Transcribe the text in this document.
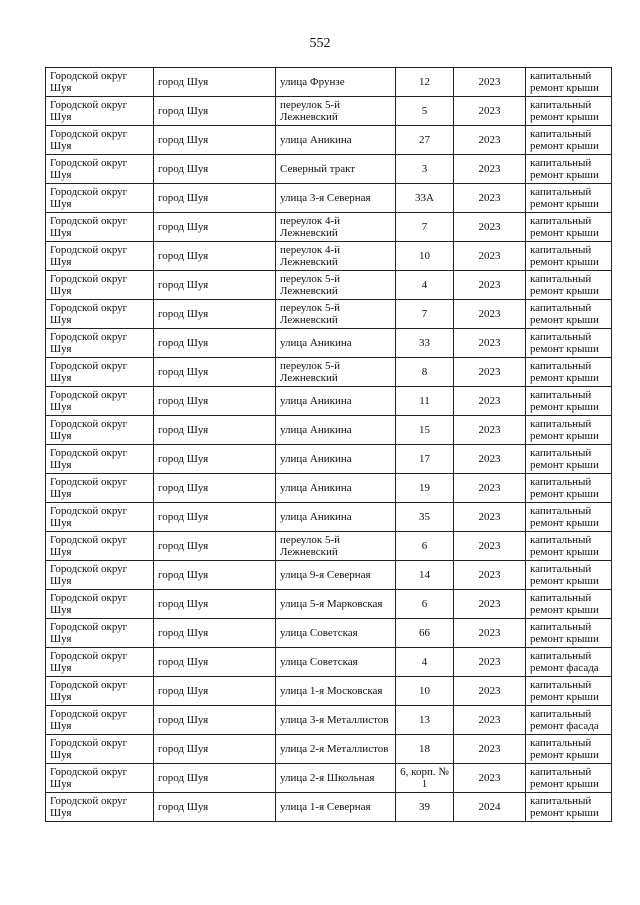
552
Городской округ Шуя	город Шуя	улица Фрунзе	12	2023	капитальный ремонт крыши
Городской округ Шуя	город Шуя	переулок 5-й Лежневский	5	2023	капитальный ремонт крыши
Городской округ Шуя	город Шуя	улица Аникина	27	2023	капитальный ремонт крыши
Городской округ Шуя	город Шуя	Северный тракт	3	2023	капитальный ремонт крыши
Городской округ Шуя	город Шуя	улица 3-я Северная	33А	2023	капитальный ремонт крыши
Городской округ Шуя	город Шуя	переулок 4-й Лежневский	7	2023	капитальный ремонт крыши
Городской округ Шуя	город Шуя	переулок 4-й Лежневский	10	2023	капитальный ремонт крыши
Городской округ Шуя	город Шуя	переулок 5-й Лежневский	4	2023	капитальный ремонт крыши
Городской округ Шуя	город Шуя	переулок 5-й Лежневский	7	2023	капитальный ремонт крыши
Городской округ Шуя	город Шуя	улица Аникина	33	2023	капитальный ремонт крыши
Городской округ Шуя	город Шуя	переулок 5-й Лежневский	8	2023	капитальный ремонт крыши
Городской округ Шуя	город Шуя	улица Аникина	11	2023	капитальный ремонт крыши
Городской округ Шуя	город Шуя	улица Аникина	15	2023	капитальный ремонт крыши
Городской округ Шуя	город Шуя	улица Аникина	17	2023	капитальный ремонт крыши
Городской округ Шуя	город Шуя	улица Аникина	19	2023	капитальный ремонт крыши
Городской округ Шуя	город Шуя	улица Аникина	35	2023	капитальный ремонт крыши
Городской округ Шуя	город Шуя	переулок 5-й Лежневский	6	2023	капитальный ремонт крыши
Городской округ Шуя	город Шуя	улица 9-я Северная	14	2023	капитальный ремонт крыши
Городской округ Шуя	город Шуя	улица 5-я Марковская	6	2023	капитальный ремонт крыши
Городской округ Шуя	город Шуя	улица Советская	66	2023	капитальный ремонт крыши
Городской округ Шуя	город Шуя	улица Советская	4	2023	капитальный ремонт фасада
Городской округ Шуя	город Шуя	улица 1-я Московская	10	2023	капитальный ремонт крыши
Городской округ Шуя	город Шуя	улица 3-я Металлистов	13	2023	капитальный ремонт фасада
Городской округ Шуя	город Шуя	улица 2-я Металлистов	18	2023	капитальный ремонт крыши
Городской округ Шуя	город Шуя	улица 2-я Школьная	6, корп. № 1	2023	капитальный ремонт крыши
Городской округ Шуя	город Шуя	улица 1-я Северная	39	2024	капитальный ремонт крыши
